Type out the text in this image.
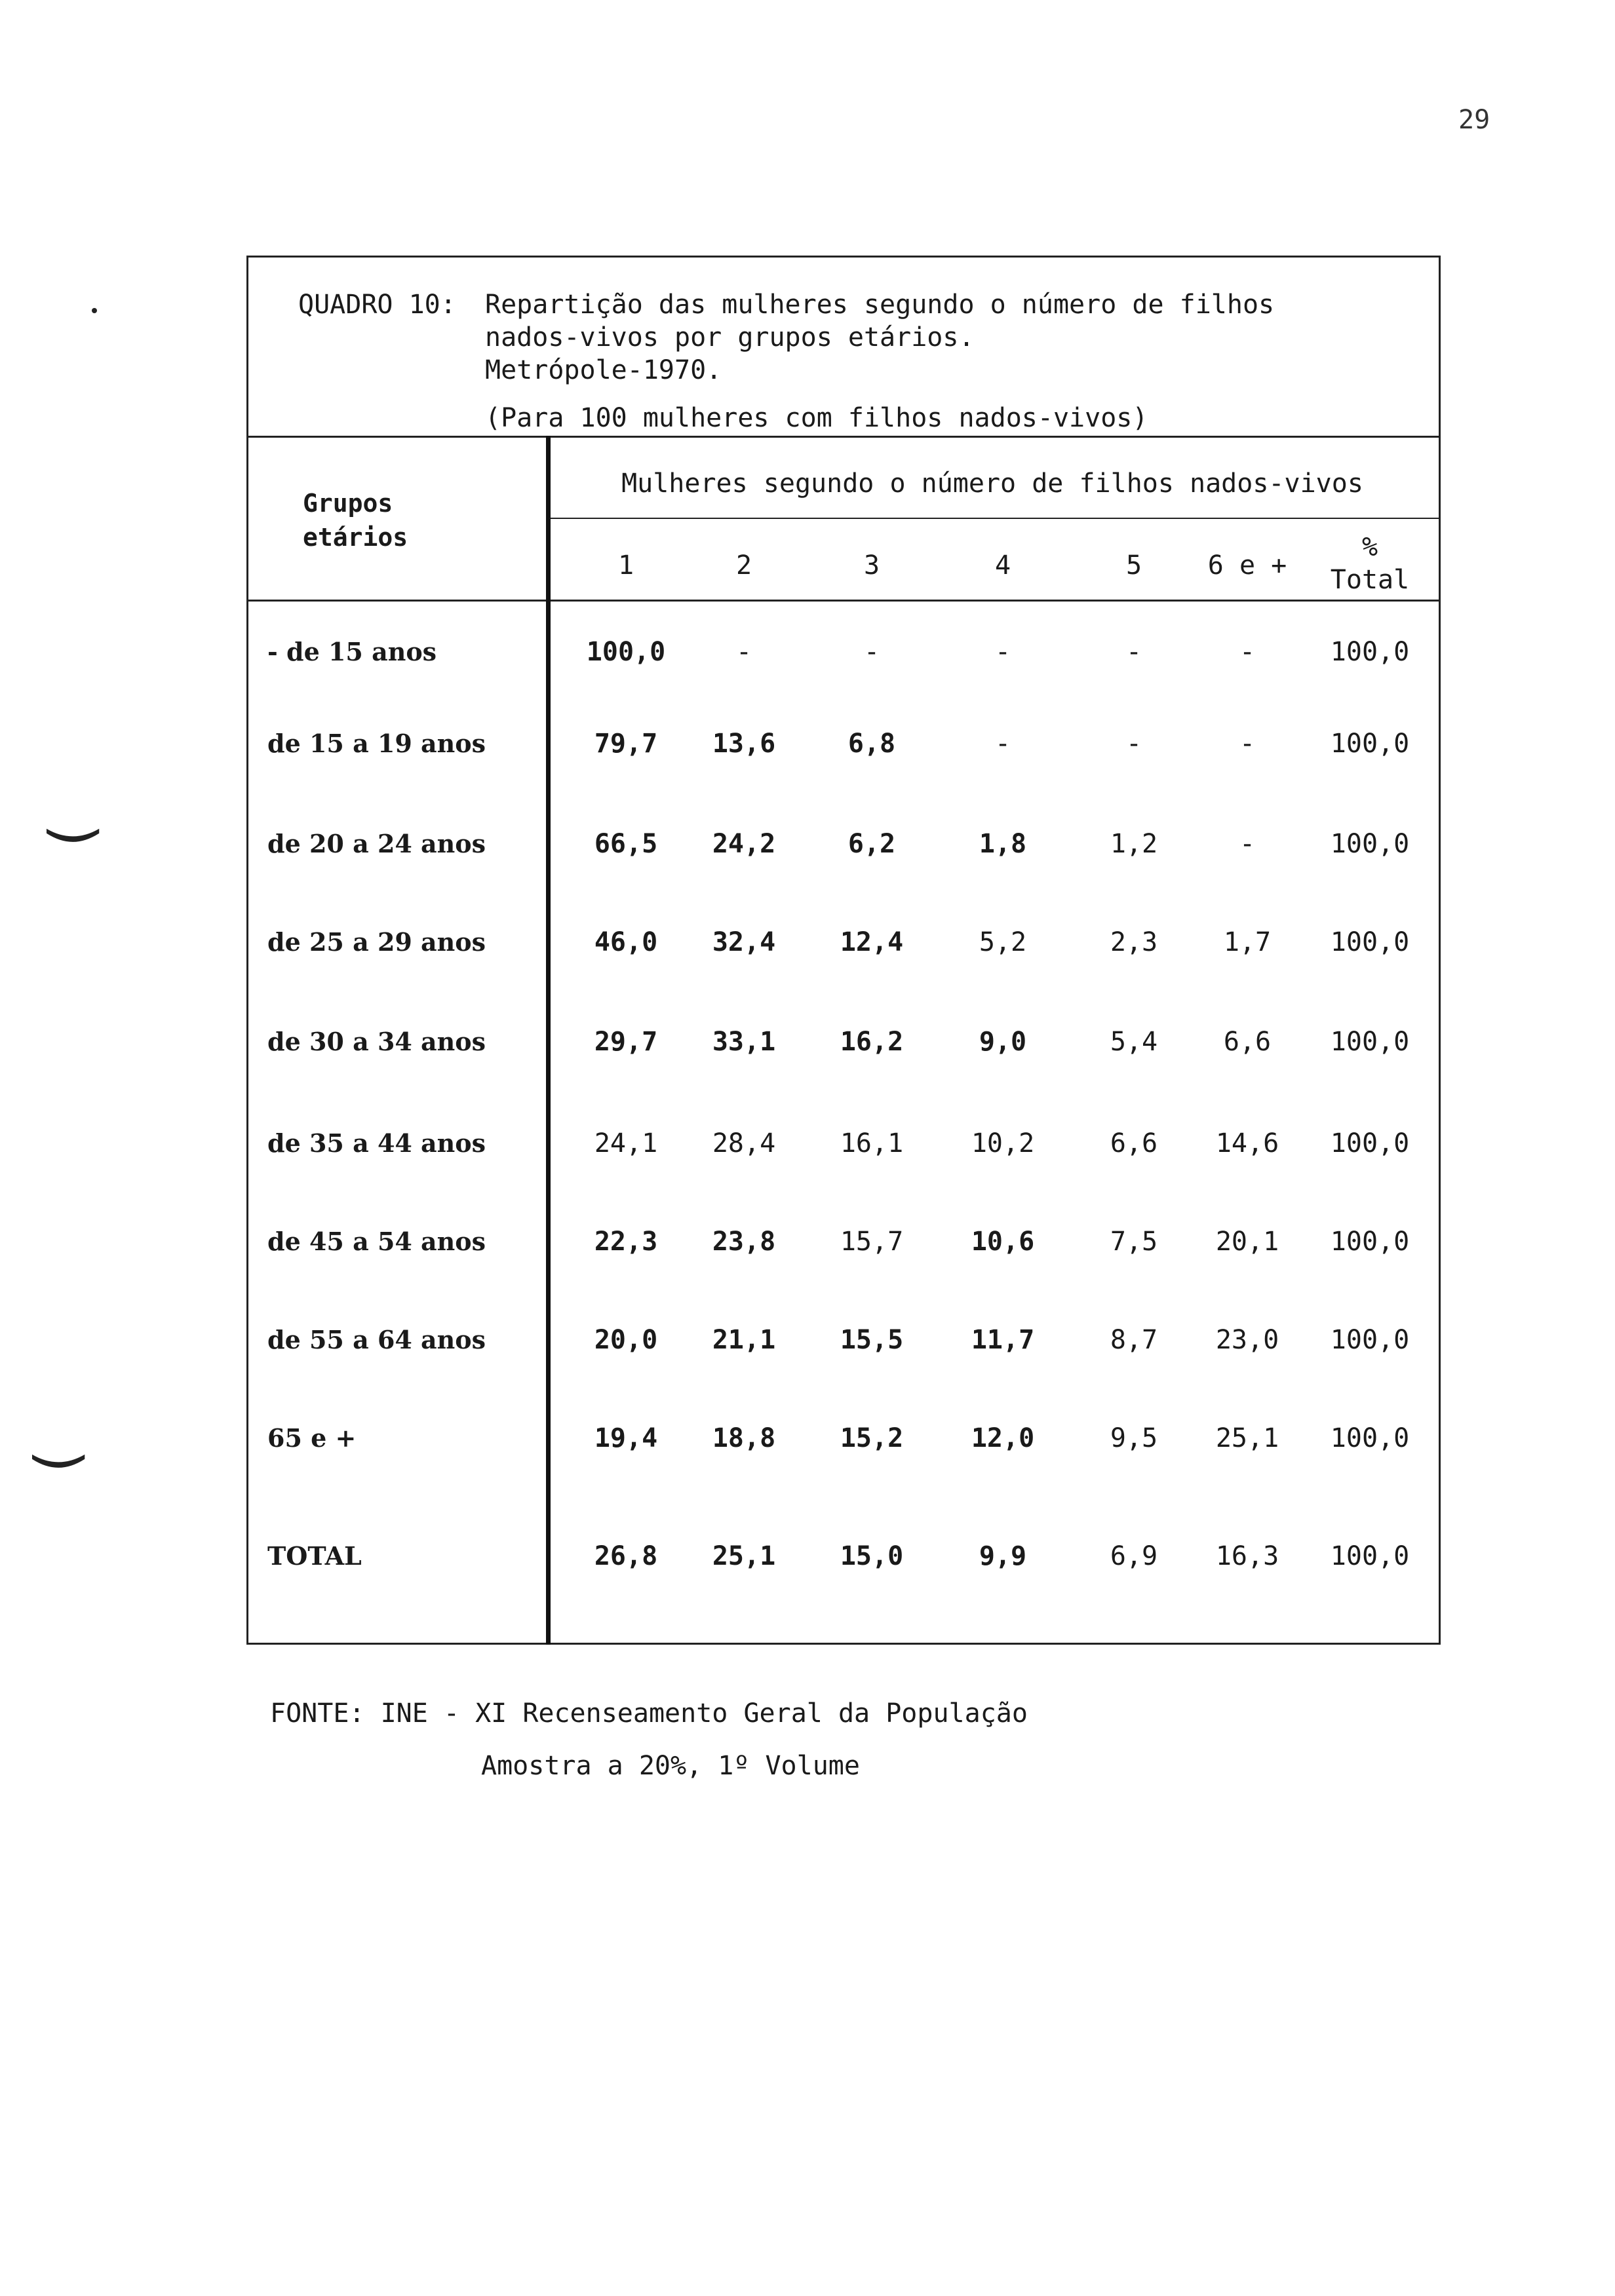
29
(
(
QUADRO 10:	Repartição das mulheres segundo o número de filhos
nados-vivos por grupos etários.
Metrópole-1970.
(Para 100 mulheres com filhos nados-vivos)
Grupos
etários
Mulheres segundo o número de filhos nados-vivos
1	2	3	4	5	6 e +
%
Total
- de 15 anos	100,0	-	-	-	-	-	100,0
de 15 a 19 anos	79,7	13,6	6,8	-	-	-	100,0
de 20 a 24 anos	66,5	24,2	6,2	1,8	1,2	-	100,0
de 25 a 29 anos	46,0	32,4	12,4	5,2	2,3	1,7	100,0
de 30 a 34 anos	29,7	33,1	16,2	9,0	5,4	6,6	100,0
de 35 a 44 anos	24,1	28,4	16,1	10,2	6,6	14,6	100,0
de 45 a 54 anos	22,3	23,8	15,7	10,6	7,5	20,1	100,0
de 55 a 64 anos	20,0	21,1	15,5	11,7	8,7	23,0	100,0
65 e +	19,4	18,8	15,2	12,0	9,5	25,1	100,0
TOTAL	26,8	25,1	15,0	9,9	6,9	16,3	100,0
FONTE: INE - XI Recenseamento Geral da População
Amostra a 20%, 1º Volume
